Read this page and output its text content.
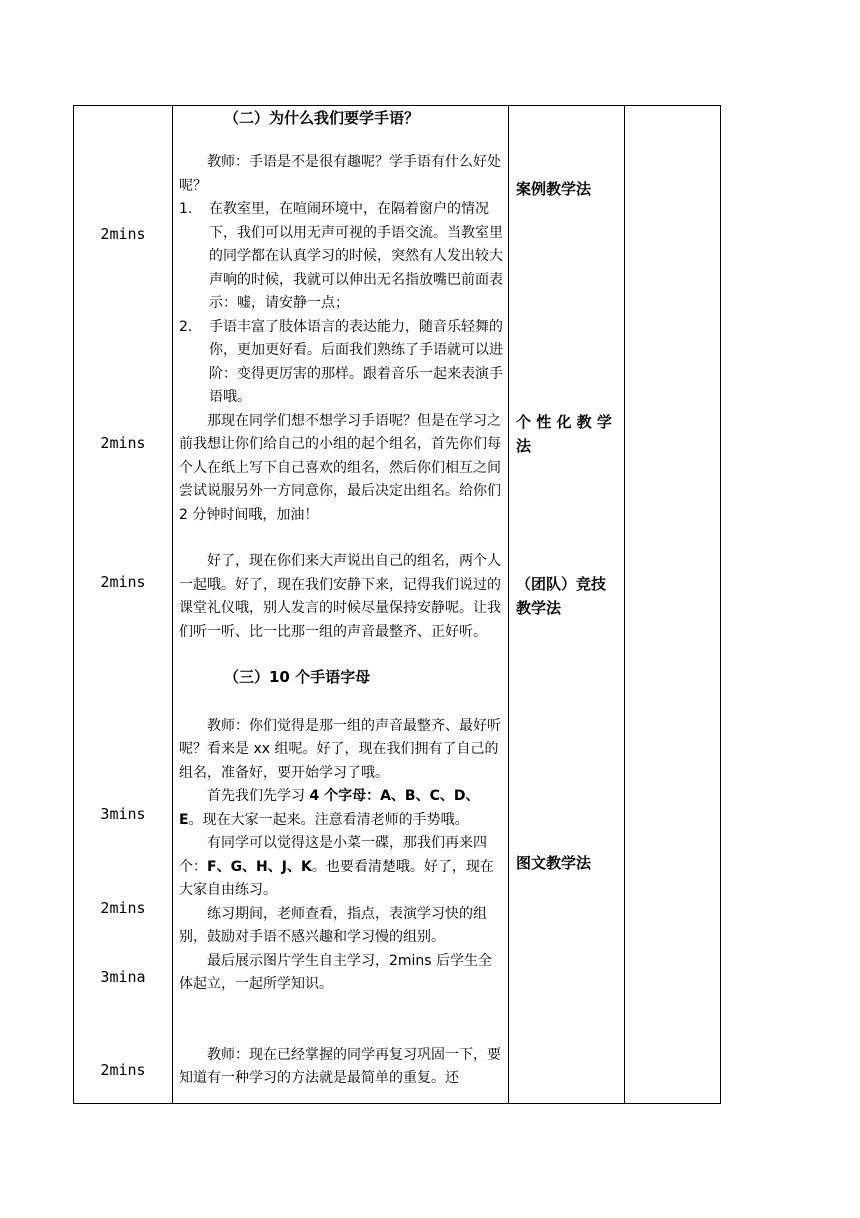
2mins
2mins
2mins
3mins
2mins
3mina
2mins

（二）为什么我们要学手语？

教师：手语是不是很有趣呢？学手语有什么好处呢？

1.	在教室里，在喧闹环境中，在隔着窗户的情况下，我们可以用无声可视的手语交流。当教室里的同学都在认真学习的时候，突然有人发出较大声响的时候，我就可以伸出无名指放嘴巴前面表示：嘘，请安静一点；
2.	手语丰富了肢体语言的表达能力，随音乐轻舞的你，更加更好看。后面我们熟练了手语就可以进阶：变得更厉害的那样。跟着音乐一起来表演手语哦。

那现在同学们想不想学习手语呢？但是在学习之前我想让你们给自己的小组的起个组名，首先你们每个人在纸上写下自己喜欢的组名，然后你们相互之间尝试说服另外一方同意你，最后决定出组名。给你们 2 分钟时间哦，加油！

好了，现在你们来大声说出自己的组名，两个人一起哦。好了，现在我们安静下来，记得我们说过的课堂礼仪哦，别人发言的时候尽量保持安静呢。让我们听一听、比一比那一组的声音最整齐、正好听。

（三）10 个手语字母

教师：你们觉得是那一组的声音最整齐、最好听呢？看来是 xx 组呢。好了，现在我们拥有了自己的组名，准备好，要开始学习了哦。

首先我们先学习 4 个字母：A、B、C、D、E。现在大家一起来。注意看清老师的手势哦。

有同学可以觉得这是小菜一碟，那我们再来四个：F、G、H、J、K。也要看清楚哦。好了，现在大家自由练习。

练习期间，老师查看，指点，表演学习快的组别，鼓励对手语不感兴趣和学习慢的组别。

最后展示图片学生自主学习，2mins 后学生全体起立，一起所学知识。

教师：现在已经掌握的同学再复习巩固一下，要知道有一种学习的方法就是最简单的重复。还

案例教学法
个 性 化 教 学 法
（团队）竞技教学法
图文教学法
